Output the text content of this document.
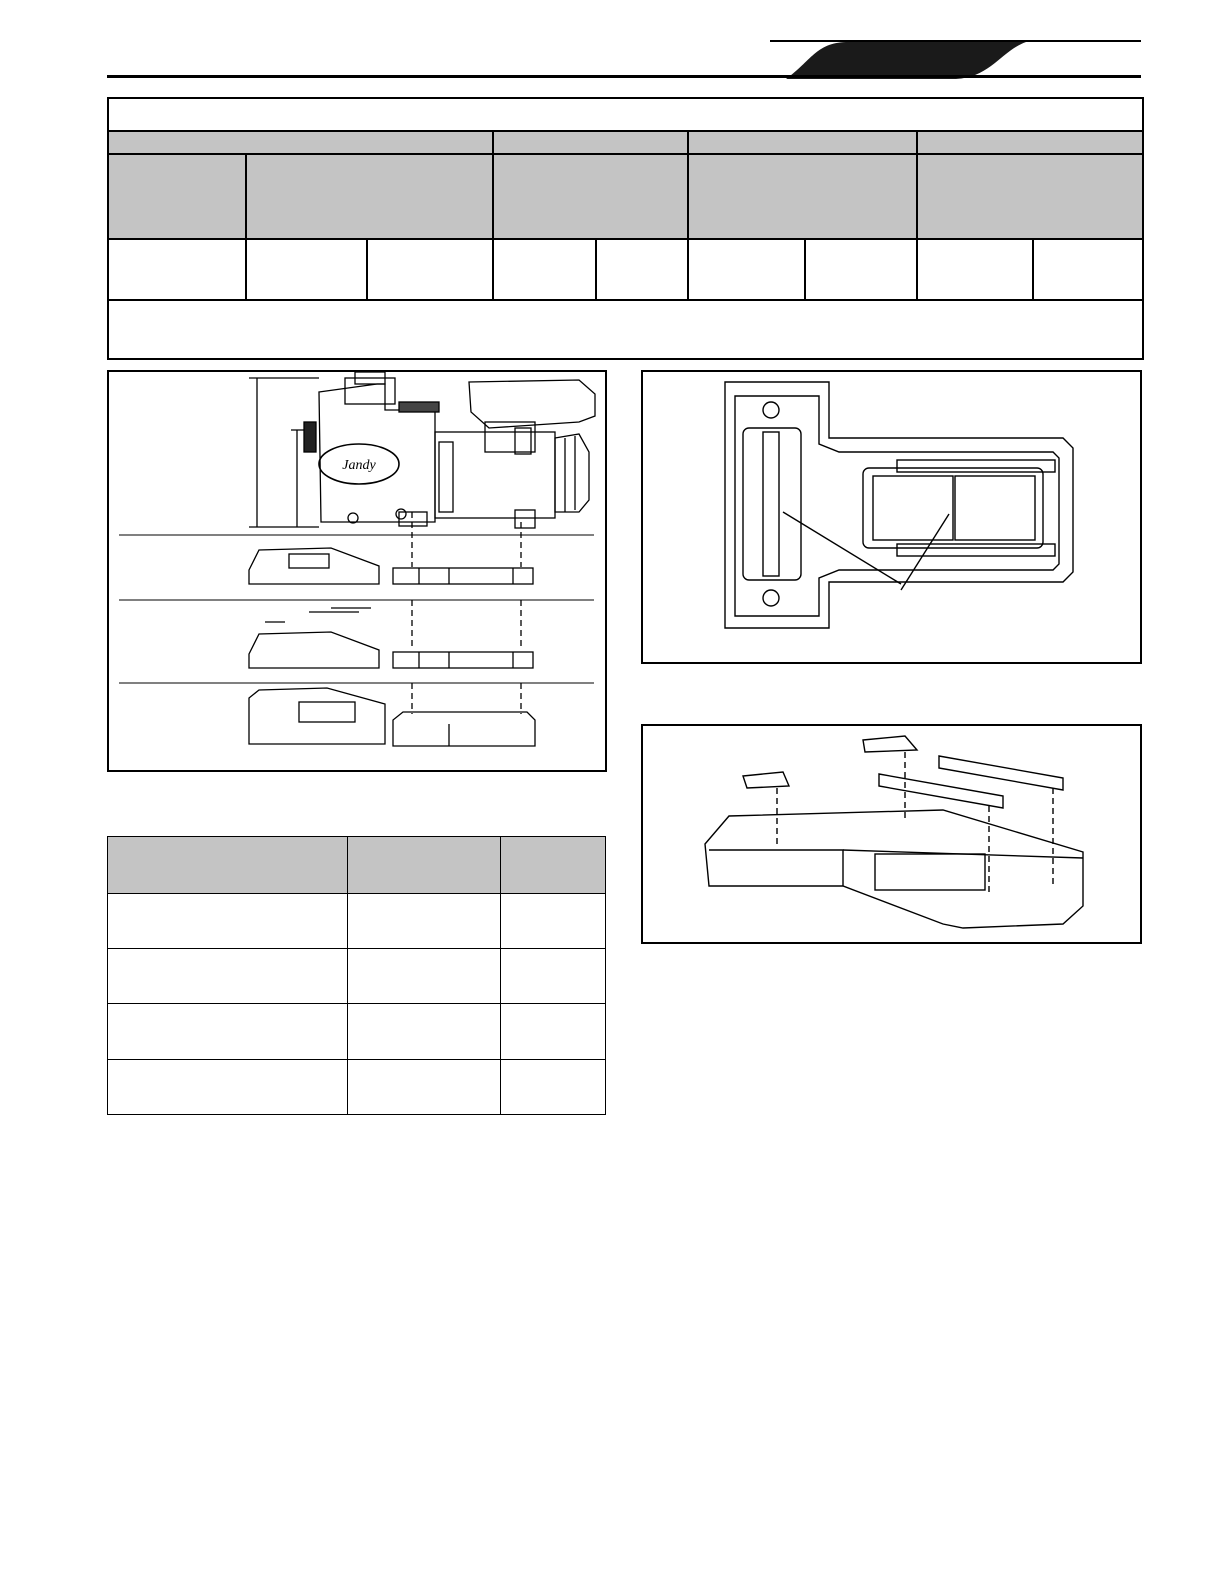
Jandy
